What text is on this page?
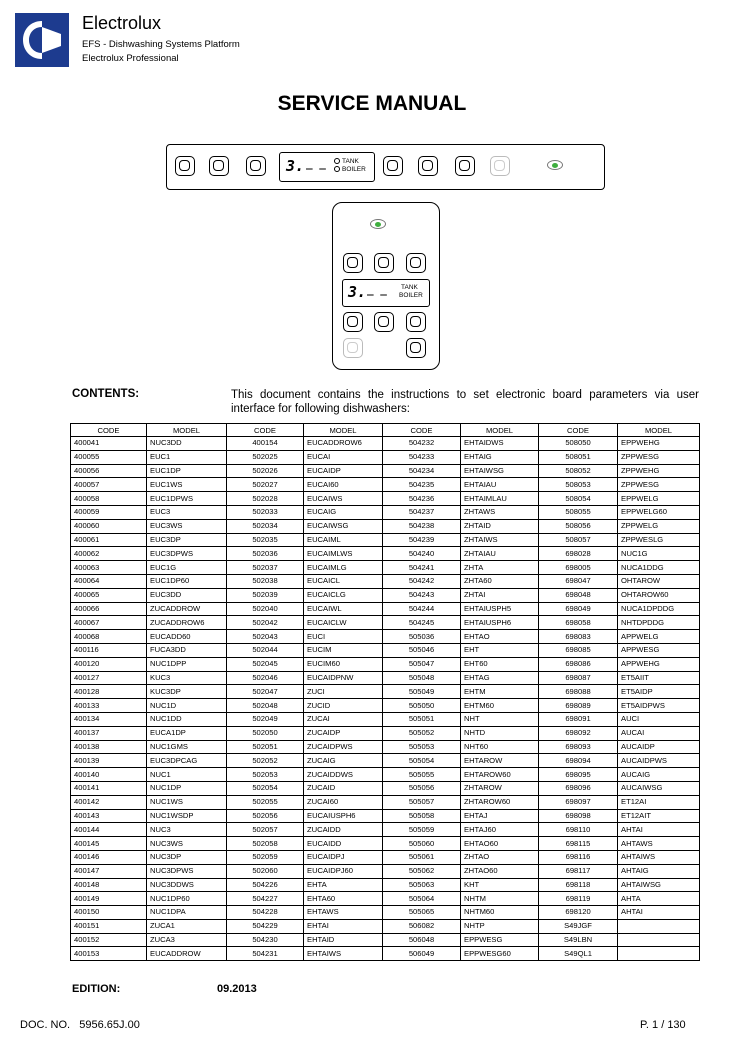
Electrolux
EFS - Dishwashing Systems Platform
Electrolux Professional
SERVICE MANUAL
3. _ _ TANK
BOILER
3. _ _ TANK
BOILER
CONTENTS:	This document contains the instructions to set electronic board parameters via user interface for following dishwashers:
CODE	MODEL	CODE	MODEL	CODE	MODEL	CODE	MODEL
400041	NUC3DD	400154	EUCADDROW6	504232	EHTAIDWS	508050	EPPWEHG
400055	EUC1	502025	EUCAI	504233	EHTAIG	508051	ZPPWESG
400056	EUC1DP	502026	EUCAIDP	504234	EHTAIWSG	508052	ZPPWEHG
400057	EUC1WS	502027	EUCAI60	504235	EHTAIAU	508053	ZPPWESG
400058	EUC1DPWS	502028	EUCAIWS	504236	EHTAIMLAU	508054	EPPWELG
400059	EUC3	502033	EUCAIG	504237	ZHTAWS	508055	EPPWELG60
400060	EUC3WS	502034	EUCAIWSG	504238	ZHTAID	508056	ZPPWELG
400061	EUC3DP	502035	EUCAIML	504239	ZHTAIWS	508057	ZPPWESLG
400062	EUC3DPWS	502036	EUCAIMLWS	504240	ZHTAIAU	698028	NUC1G
400063	EUC1G	502037	EUCAIMLG	504241	ZHTA	698005	NUCA1DDG
400064	EUC1DP60	502038	EUCAICL	504242	ZHTA60	698047	OHTAROW
400065	EUC3DD	502039	EUCAICLG	504243	ZHTAI	698048	OHTAROW60
400066	ZUCADDROW	502040	EUCAIWL	504244	EHTAIUSPH5	698049	NUCA1DPDDG
400067	ZUCADDROW6	502042	EUCAICLW	504245	EHTAIUSPH6	698058	NHTDPDDG
400068	EUCADD60	502043	EUCI	505036	EHTAO	698083	APPWELG
400116	FUCA3DD	502044	EUCIM	505046	EHT	698085	APPWESG
400120	NUC1DPP	502045	EUCIM60	505047	EHT60	698086	APPWEHG
400127	KUC3	502046	EUCAIDPNW	505048	EHTAG	698087	ET5AIIT
400128	KUC3DP	502047	ZUCI	505049	EHTM	698088	ET5AIDP
400133	NUC1D	502048	ZUCID	505050	EHTM60	698089	ET5AIDPWS
400134	NUC1DD	502049	ZUCAI	505051	NHT	698091	AUCI
400137	EUCA1DP	502050	ZUCAIDP	505052	NHTD	698092	AUCAI
400138	NUC1GMS	502051	ZUCAIDPWS	505053	NHT60	698093	AUCAIDP
400139	EUC3DPCAG	502052	ZUCAIG	505054	EHTAROW	698094	AUCAIDPWS
400140	NUC1	502053	ZUCAIDDWS	505055	EHTAROW60	698095	AUCAIG
400141	NUC1DP	502054	ZUCAID	505056	ZHTAROW	698096	AUCAIWSG
400142	NUC1WS	502055	ZUCAI60	505057	ZHTAROW60	698097	ET12AI
400143	NUC1WSDP	502056	EUCAIUSPH6	505058	EHTAJ	698098	ET12AIT
400144	NUC3	502057	ZUCAIDD	505059	EHTAJ60	698110	AHTAI
400145	NUC3WS	502058	EUCAIDD	505060	EHTAO60	698115	AHTAWS
400146	NUC3DP	502059	EUCAIDPJ	505061	ZHTAO	698116	AHTAIWS
400147	NUC3DPWS	502060	EUCAIDPJ60	505062	ZHTAO60	698117	AHTAIG
400148	NUC3DDWS	504226	EHTA	505063	KHT	698118	AHTAIWSG
400149	NUC1DP60	504227	EHTA60	505064	NHTM	698119	AHTA
400150	NUC1DPA	504228	EHTAWS	505065	NHTM60	698120	AHTAI
400151	ZUCA1	504229	EHTAI	506082	NHTP	S49JGF	
400152	ZUCA3	504230	EHTAID	506048	EPPWESG	S49LBN	
400153	EUCADDROW	504231	EHTAIWS	506049	EPPWESG60	S49QL1	
EDITION:	09.2013
DOC. NO.   5956.65J.00	P. 1 / 130
